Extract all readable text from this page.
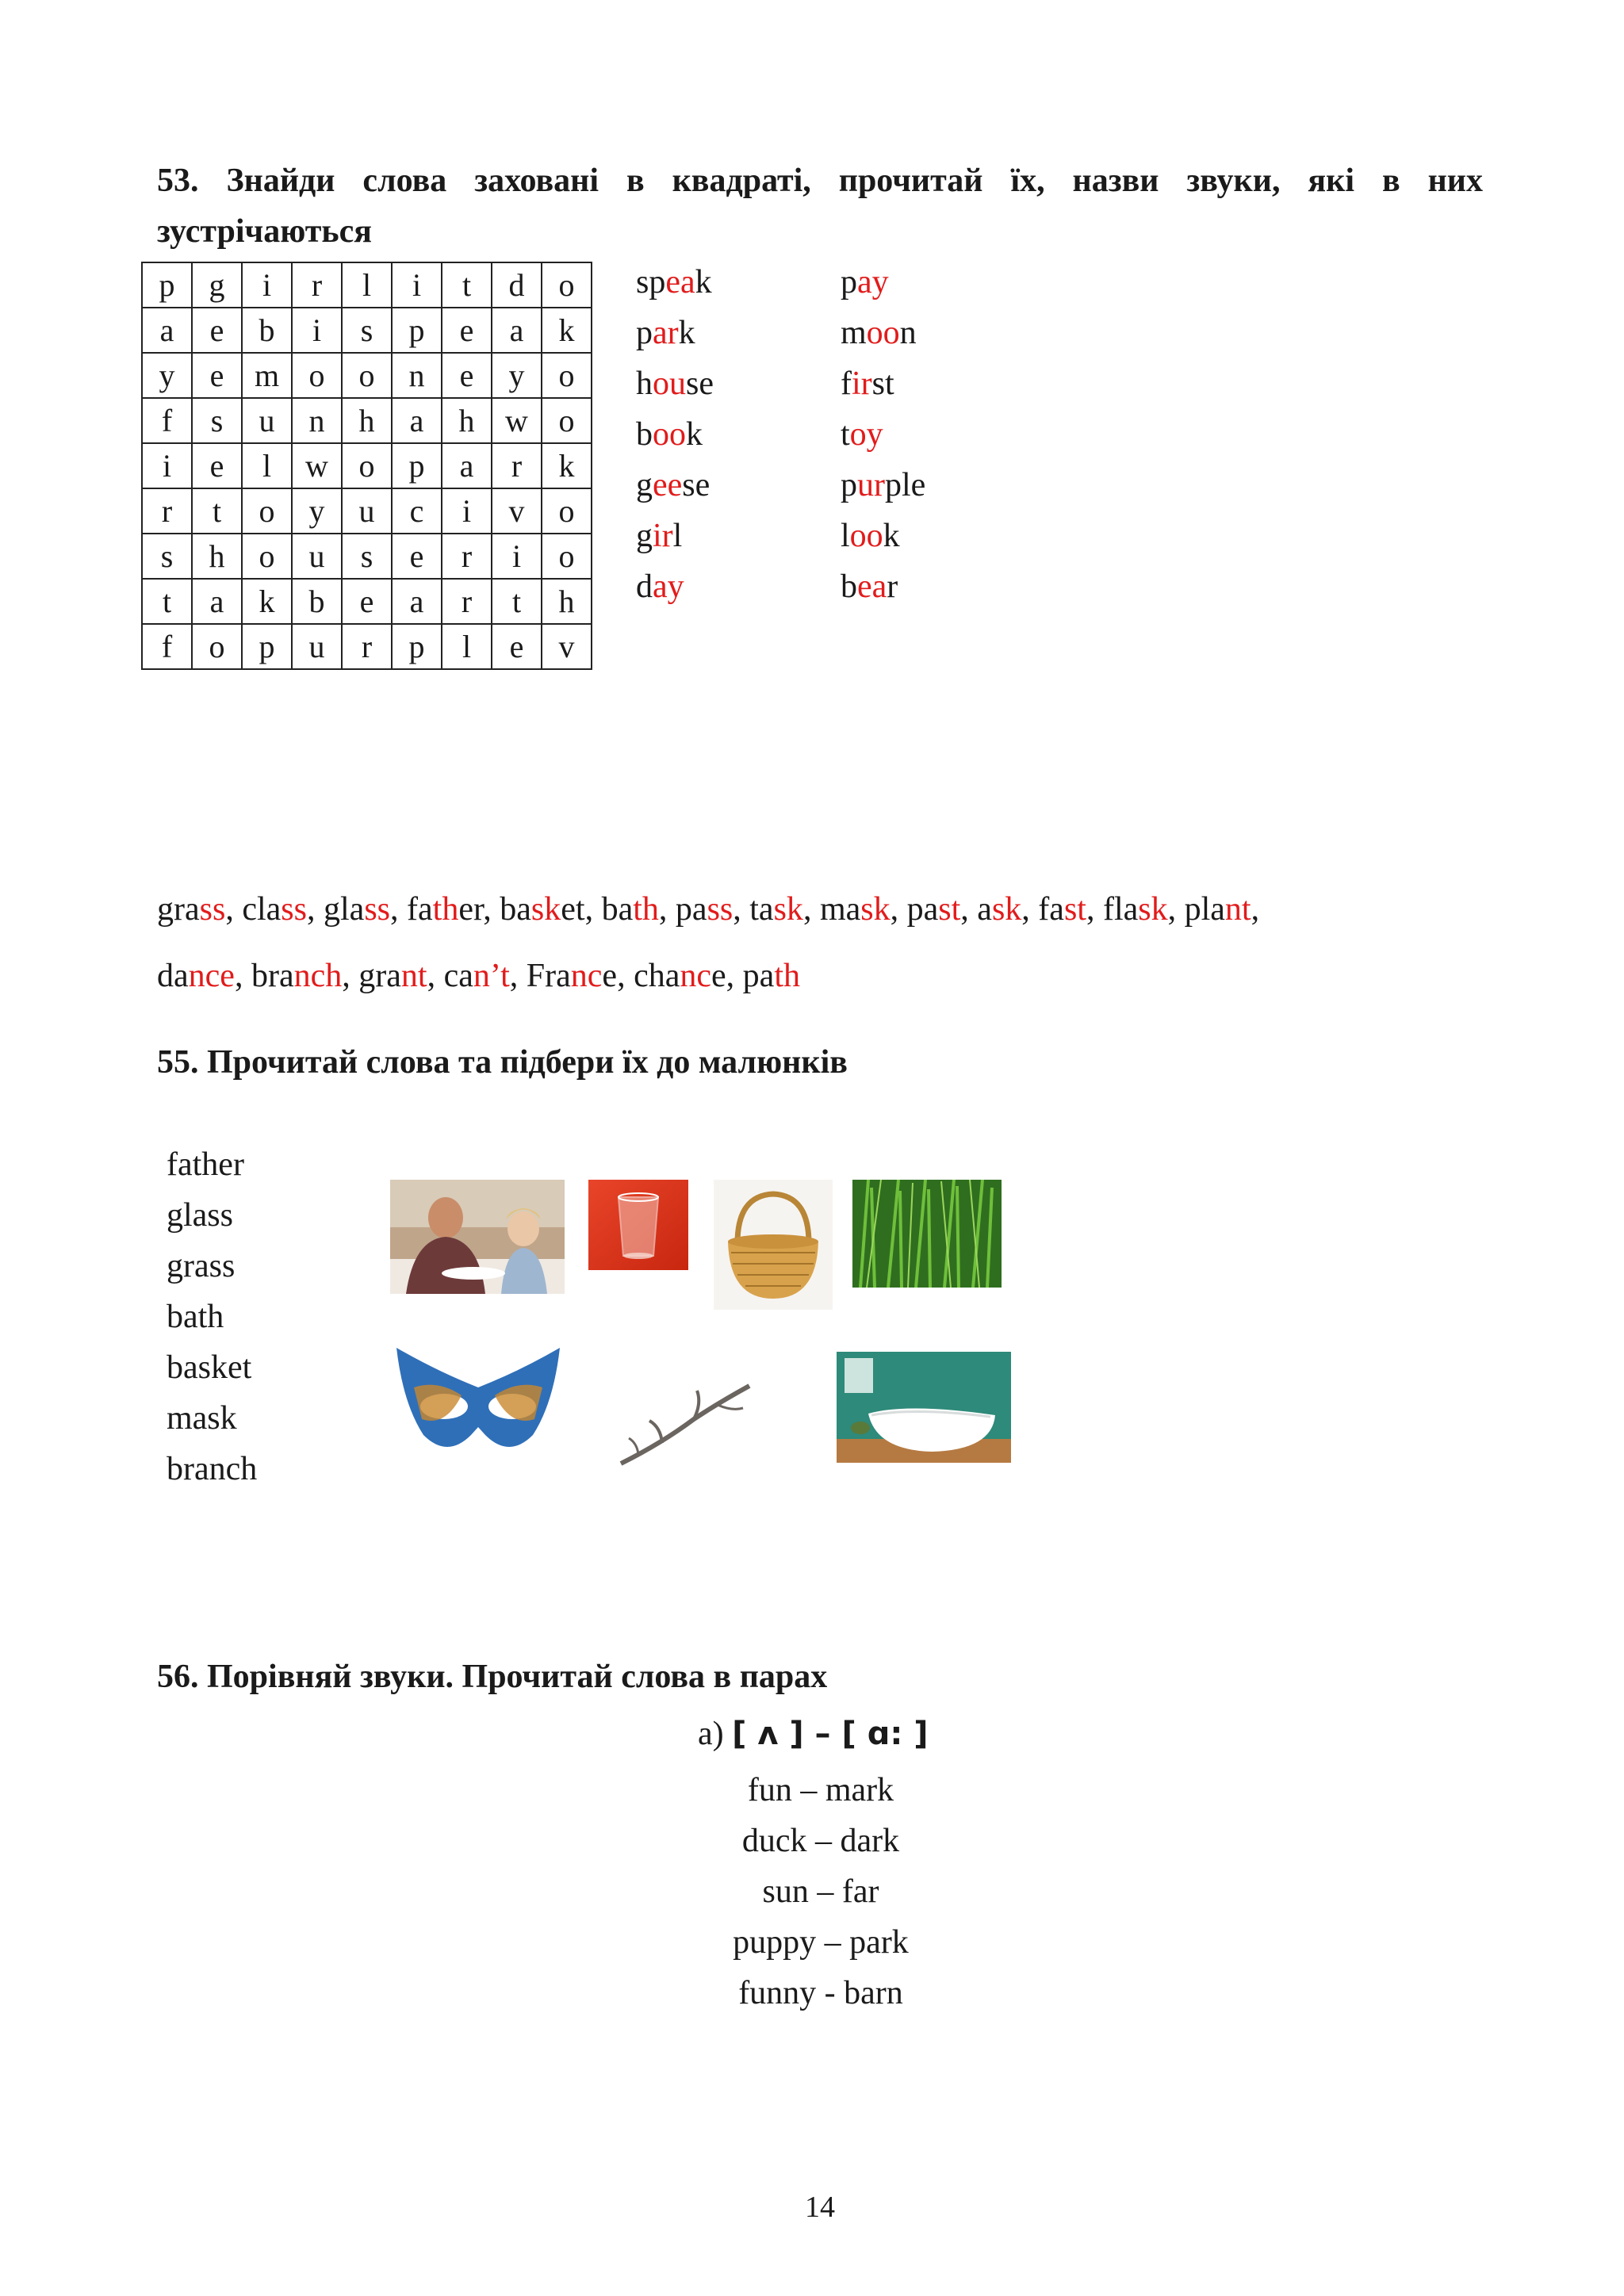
53. Знайди слова заховані в квадраті, прочитай їх, назви звуки, які в них
зустрічаються
p	g	i	r	l	i	t	d	o
a	e	b	i	s	p	e	a	k
y	e	m	o	o	n	e	y	o
f	s	u	n	h	a	h	w	o
i	e	l	w	o	p	a	r	k
r	t	o	y	u	c	i	v	o
s	h	o	u	s	e	r	i	o
t	a	k	b	e	a	r	t	h
f	o	p	u	r	p	l	e	v
speak
park
house
book
geese
girl
day
pay
moon
first
toy
purple
look
bear
grass, class, glass, father, basket, bath, pass, task, mask, past, ask, fast, flask, plant,
dance, branch, grant, can’t, France, chance, path
55. Прочитай слова та підбери їх до малюнків
father
glass
grass
bath
basket
mask
branch
56. Порівняй звуки. Прочитай слова в парах
а) [ ʌ ] – [ ɑ: ]
fun – mark
duck – dark
sun – far
puppy – park
funny - barn
14
